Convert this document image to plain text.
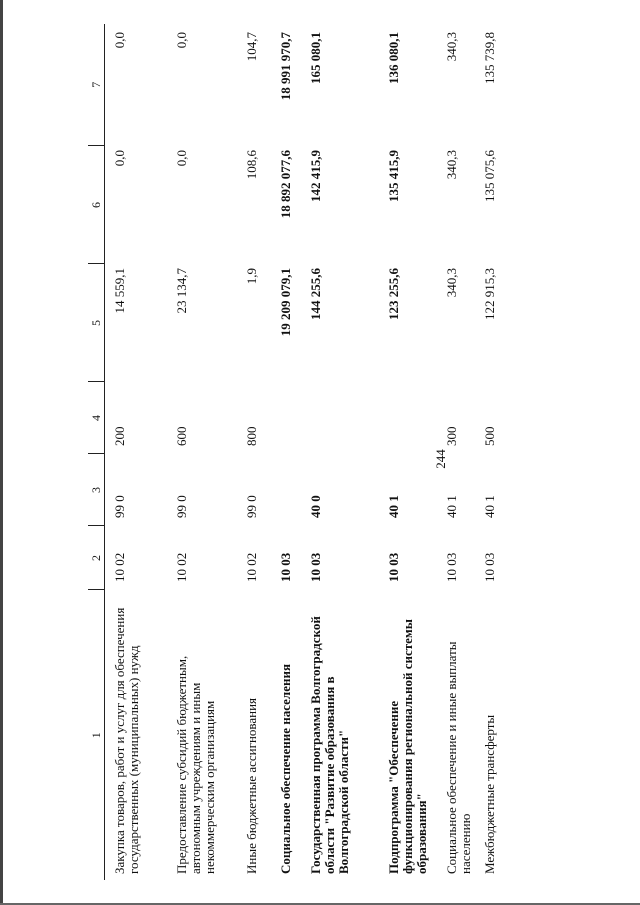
244
1	2	3	4	5	6	7
Закупка товаров, работ и услуг для обеспечения государственных (муниципальных) нужд	10 02	99 0	200	14 559,1	0,0	0,0
Предоставление субсидий бюджетным, автономным учреждениям и иным некоммерческим организациям	10 02	99 0	600	23 134,7	0,0	0,0
Иные бюджетные ассигнования	10 02	99 0	800	1,9	108,6	104,7
Социальное обеспечение населения	10 03			19 209 079,1	18 892 077,6	18 991 970,7
Государственная программа Волгоградской области "Развитие образования в Волгоградской области"	10 03	40 0		144 255,6	142 415,9	165 080,1
Подпрограмма "Обеспечение функционирования региональной системы образования"	10 03	40 1		123 255,6	135 415,9	136 080,1
Социальное обеспечение и иные выплаты населению	10 03	40 1	300	340,3	340,3	340,3
Межбюджетные трансферты	10 03	40 1	500	122 915,3	135 075,6	135 739,8
